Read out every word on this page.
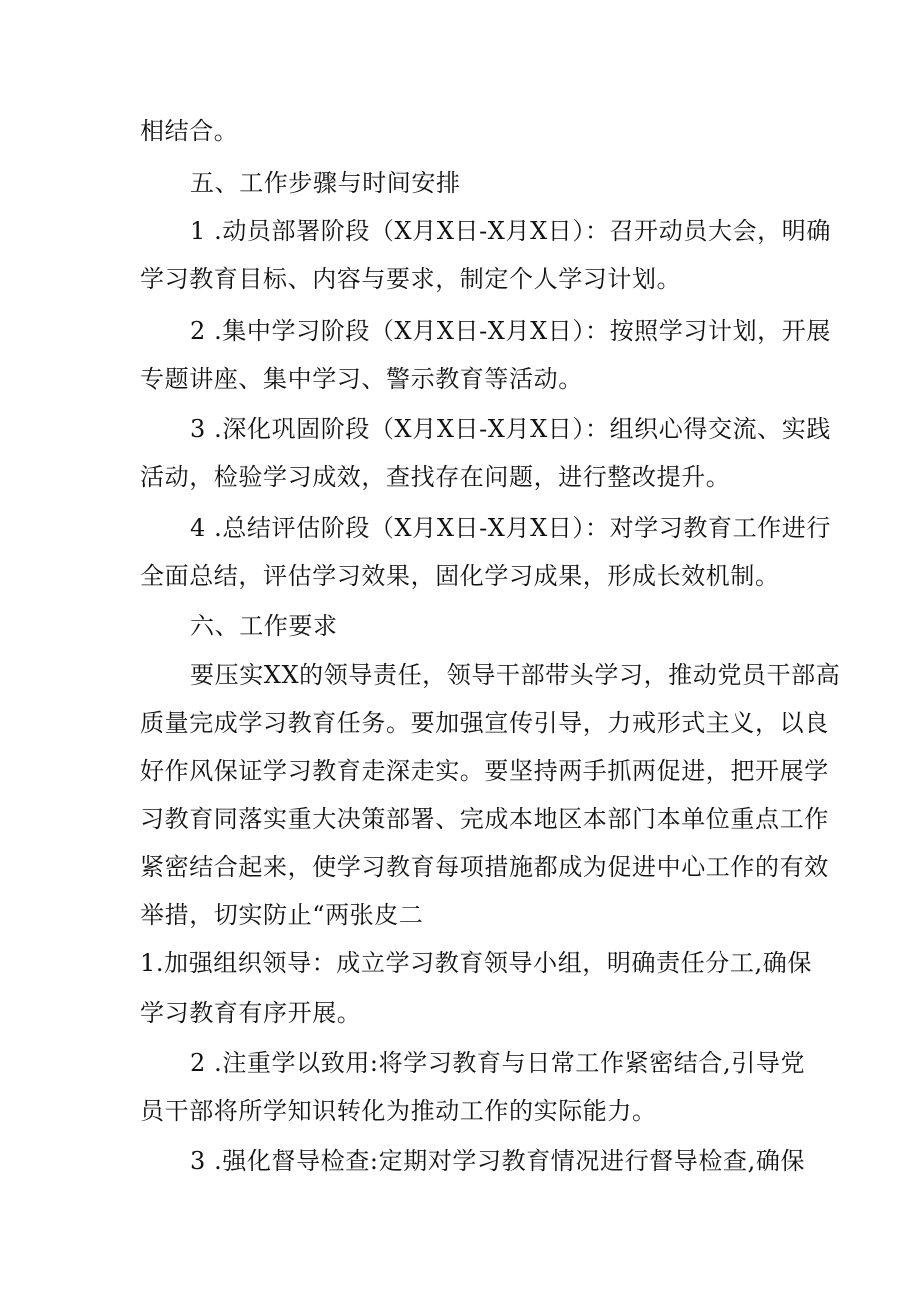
相结合。
五、工作步骤与时间安排
1 .动员部署阶段（X月X日-X月X日）：召开动员大会，明确
学习教育目标、内容与要求，制定个人学习计划。
2 .集中学习阶段（X月X日-X月X日）：按照学习计划，开展
专题讲座、集中学习、警示教育等活动。
3 .深化巩固阶段（X月X日-X月X日）：组织心得交流、实践
活动，检验学习成效，查找存在问题，进行整改提升。
4 .总结评估阶段（X月X日-X月X日）：对学习教育工作进行
全面总结，评估学习效果，固化学习成果，形成长效机制。
六、工作要求
要压实XX的领导责任，领导干部带头学习，推动党员干部高
质量完成学习教育任务。要加强宣传引导，力戒形式主义，以良
好作风保证学习教育走深走实。要坚持两手抓两促进，把开展学
习教育同落实重大决策部署、完成本地区本部门本单位重点工作
紧密结合起来，使学习教育每项措施都成为促进中心工作的有效
举措，切实防止“两张皮二
1.加强组织领导：成立学习教育领导小组，明确责任分工,确保
学习教育有序开展。
2 .注重学以致用:将学习教育与日常工作紧密结合,引导党
员干部将所学知识转化为推动工作的实际能力。
3 .强化督导检查:定期对学习教育情况进行督导检查,确保
